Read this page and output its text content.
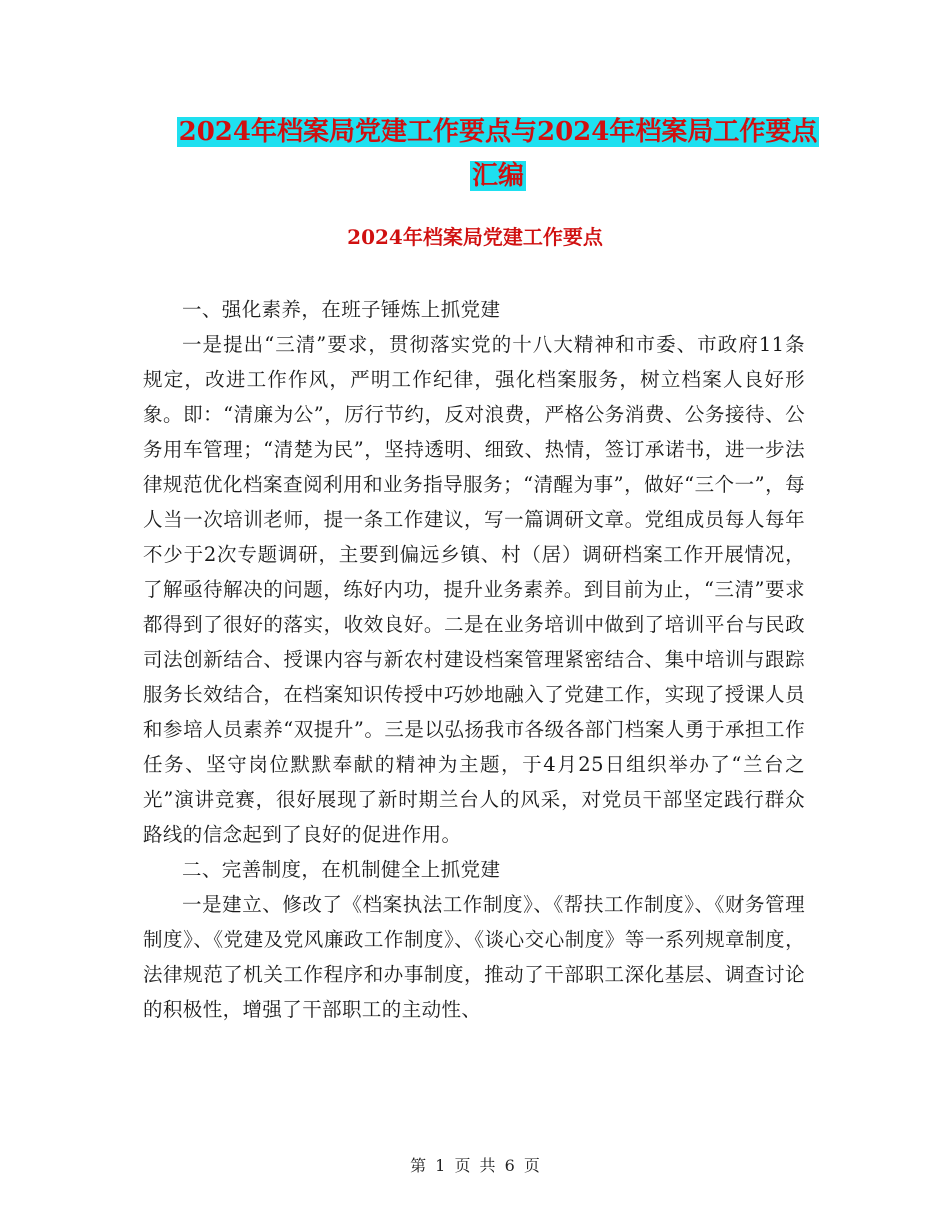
2024年档案局党建工作要点与2024年档案局工作要点
汇编
2024年档案局党建工作要点

一、强化素养，在班子锤炼上抓党建

一是提出“三清”要求，贯彻落实党的十八大精神和市委、市政府11条规定，改进工作作风，严明工作纪律，强化档案服务，树立档案人良好形象。即：“清廉为公”，厉行节约，反对浪费，严格公务消费、公务接待、公务用车管理；“清楚为民”，坚持透明、细致、热情，签订承诺书，进一步法律规范优化档案查阅利用和业务指导服务；“清醒为事”，做好“三个一”，每人当一次培训老师，提一条工作建议，写一篇调研文章。党组成员每人每年不少于2次专题调研，主要到偏远乡镇、村（居）调研档案工作开展情况，了解亟待解决的问题，练好内功，提升业务素养。到目前为止，“三清”要求都得到了很好的落实，收效良好。二是在业务培训中做到了培训平台与民政司法创新结合、授课内容与新农村建设档案管理紧密结合、集中培训与跟踪服务长效结合，在档案知识传授中巧妙地融入了党建工作，实现了授课人员和参培人员素养“双提升”。三是以弘扬我市各级各部门档案人勇于承担工作任务、坚守岗位默默奉献的精神为主题，于4月25日组织举办了“兰台之光”演讲竞赛，很好展现了新时期兰台人的风采，对党员干部坚定践行群众路线的信念起到了良好的促进作用。

二、完善制度，在机制健全上抓党建

一是建立、修改了《档案执法工作制度》、《帮扶工作制度》、《财务管理制度》、《党建及党风廉政工作制度》、《谈心交心制度》等一系列规章制度，法律规范了机关工作程序和办事制度，推动了干部职工深化基层、调查讨论的积极性，增强了干部职工的主动性、

第 1 页 共 6 页
